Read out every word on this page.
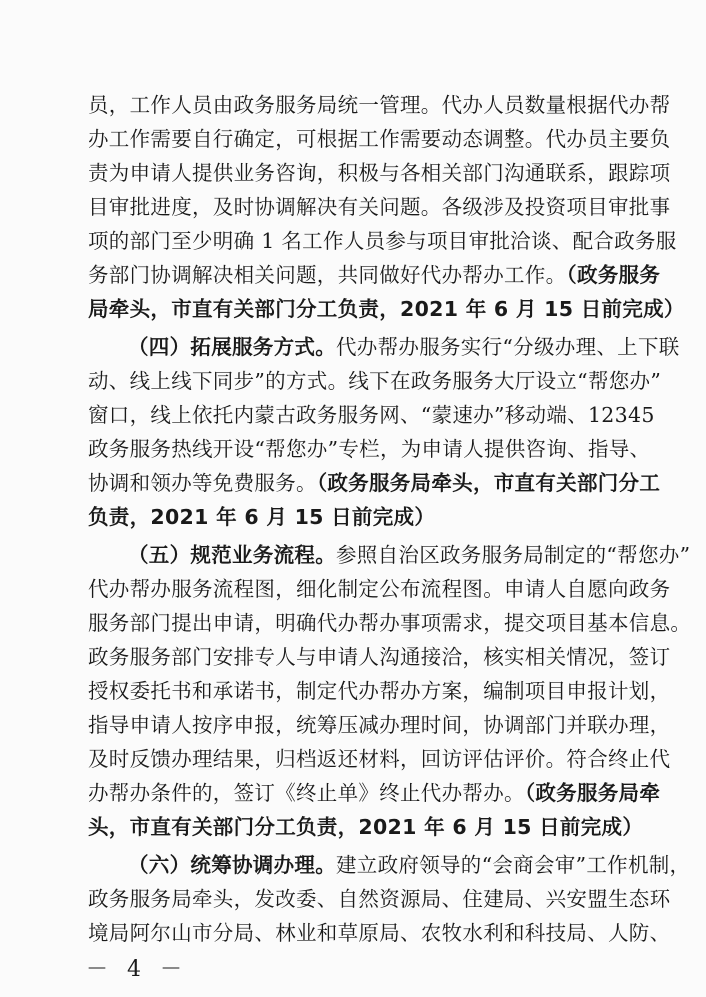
员，工作人员由政务服务局统一管理。代办人员数量根据代办帮
办工作需要自行确定，可根据工作需要动态调整。代办员主要负
责为申请人提供业务咨询，积极与各相关部门沟通联系，跟踪项
目审批进度，及时协调解决有关问题。各级涉及投资项目审批事
项的部门至少明确 1 名工作人员参与项目审批洽谈、配合政务服
务部门协调解决相关问题，共同做好代办帮办工作。（政务服务
局牵头，市直有关部门分工负责，2021 年 6 月 15 日前完成）
（四）拓展服务方式。代办帮办服务实行“分级办理、上下联
动、线上线下同步”的方式。线下在政务服务大厅设立“帮您办”
窗口，线上依托内蒙古政务服务网、“蒙速办”移动端、12345
政务服务热线开设“帮您办”专栏，为申请人提供咨询、指导、
协调和领办等免费服务。（政务服务局牵头，市直有关部门分工
负责，2021 年 6 月 15 日前完成）
（五）规范业务流程。参照自治区政务服务局制定的“帮您办”
代办帮办服务流程图，细化制定公布流程图。申请人自愿向政务
服务部门提出申请，明确代办帮办事项需求，提交项目基本信息。
政务服务部门安排专人与申请人沟通接洽，核实相关情况，签订
授权委托书和承诺书，制定代办帮办方案，编制项目申报计划，
指导申请人按序申报，统筹压减办理时间，协调部门并联办理，
及时反馈办理结果，归档返还材料，回访评估评价。符合终止代
办帮办条件的，签订《终止单》终止代办帮办。（政务服务局牵
头，市直有关部门分工负责，2021 年 6 月 15 日前完成）
（六）统筹协调办理。建立政府领导的“会商会审”工作机制，
政务服务局牵头，发改委、自然资源局、住建局、兴安盟生态环
境局阿尔山市分局、林业和草原局、农牧水利和科技局、人防、
－ 4 －
